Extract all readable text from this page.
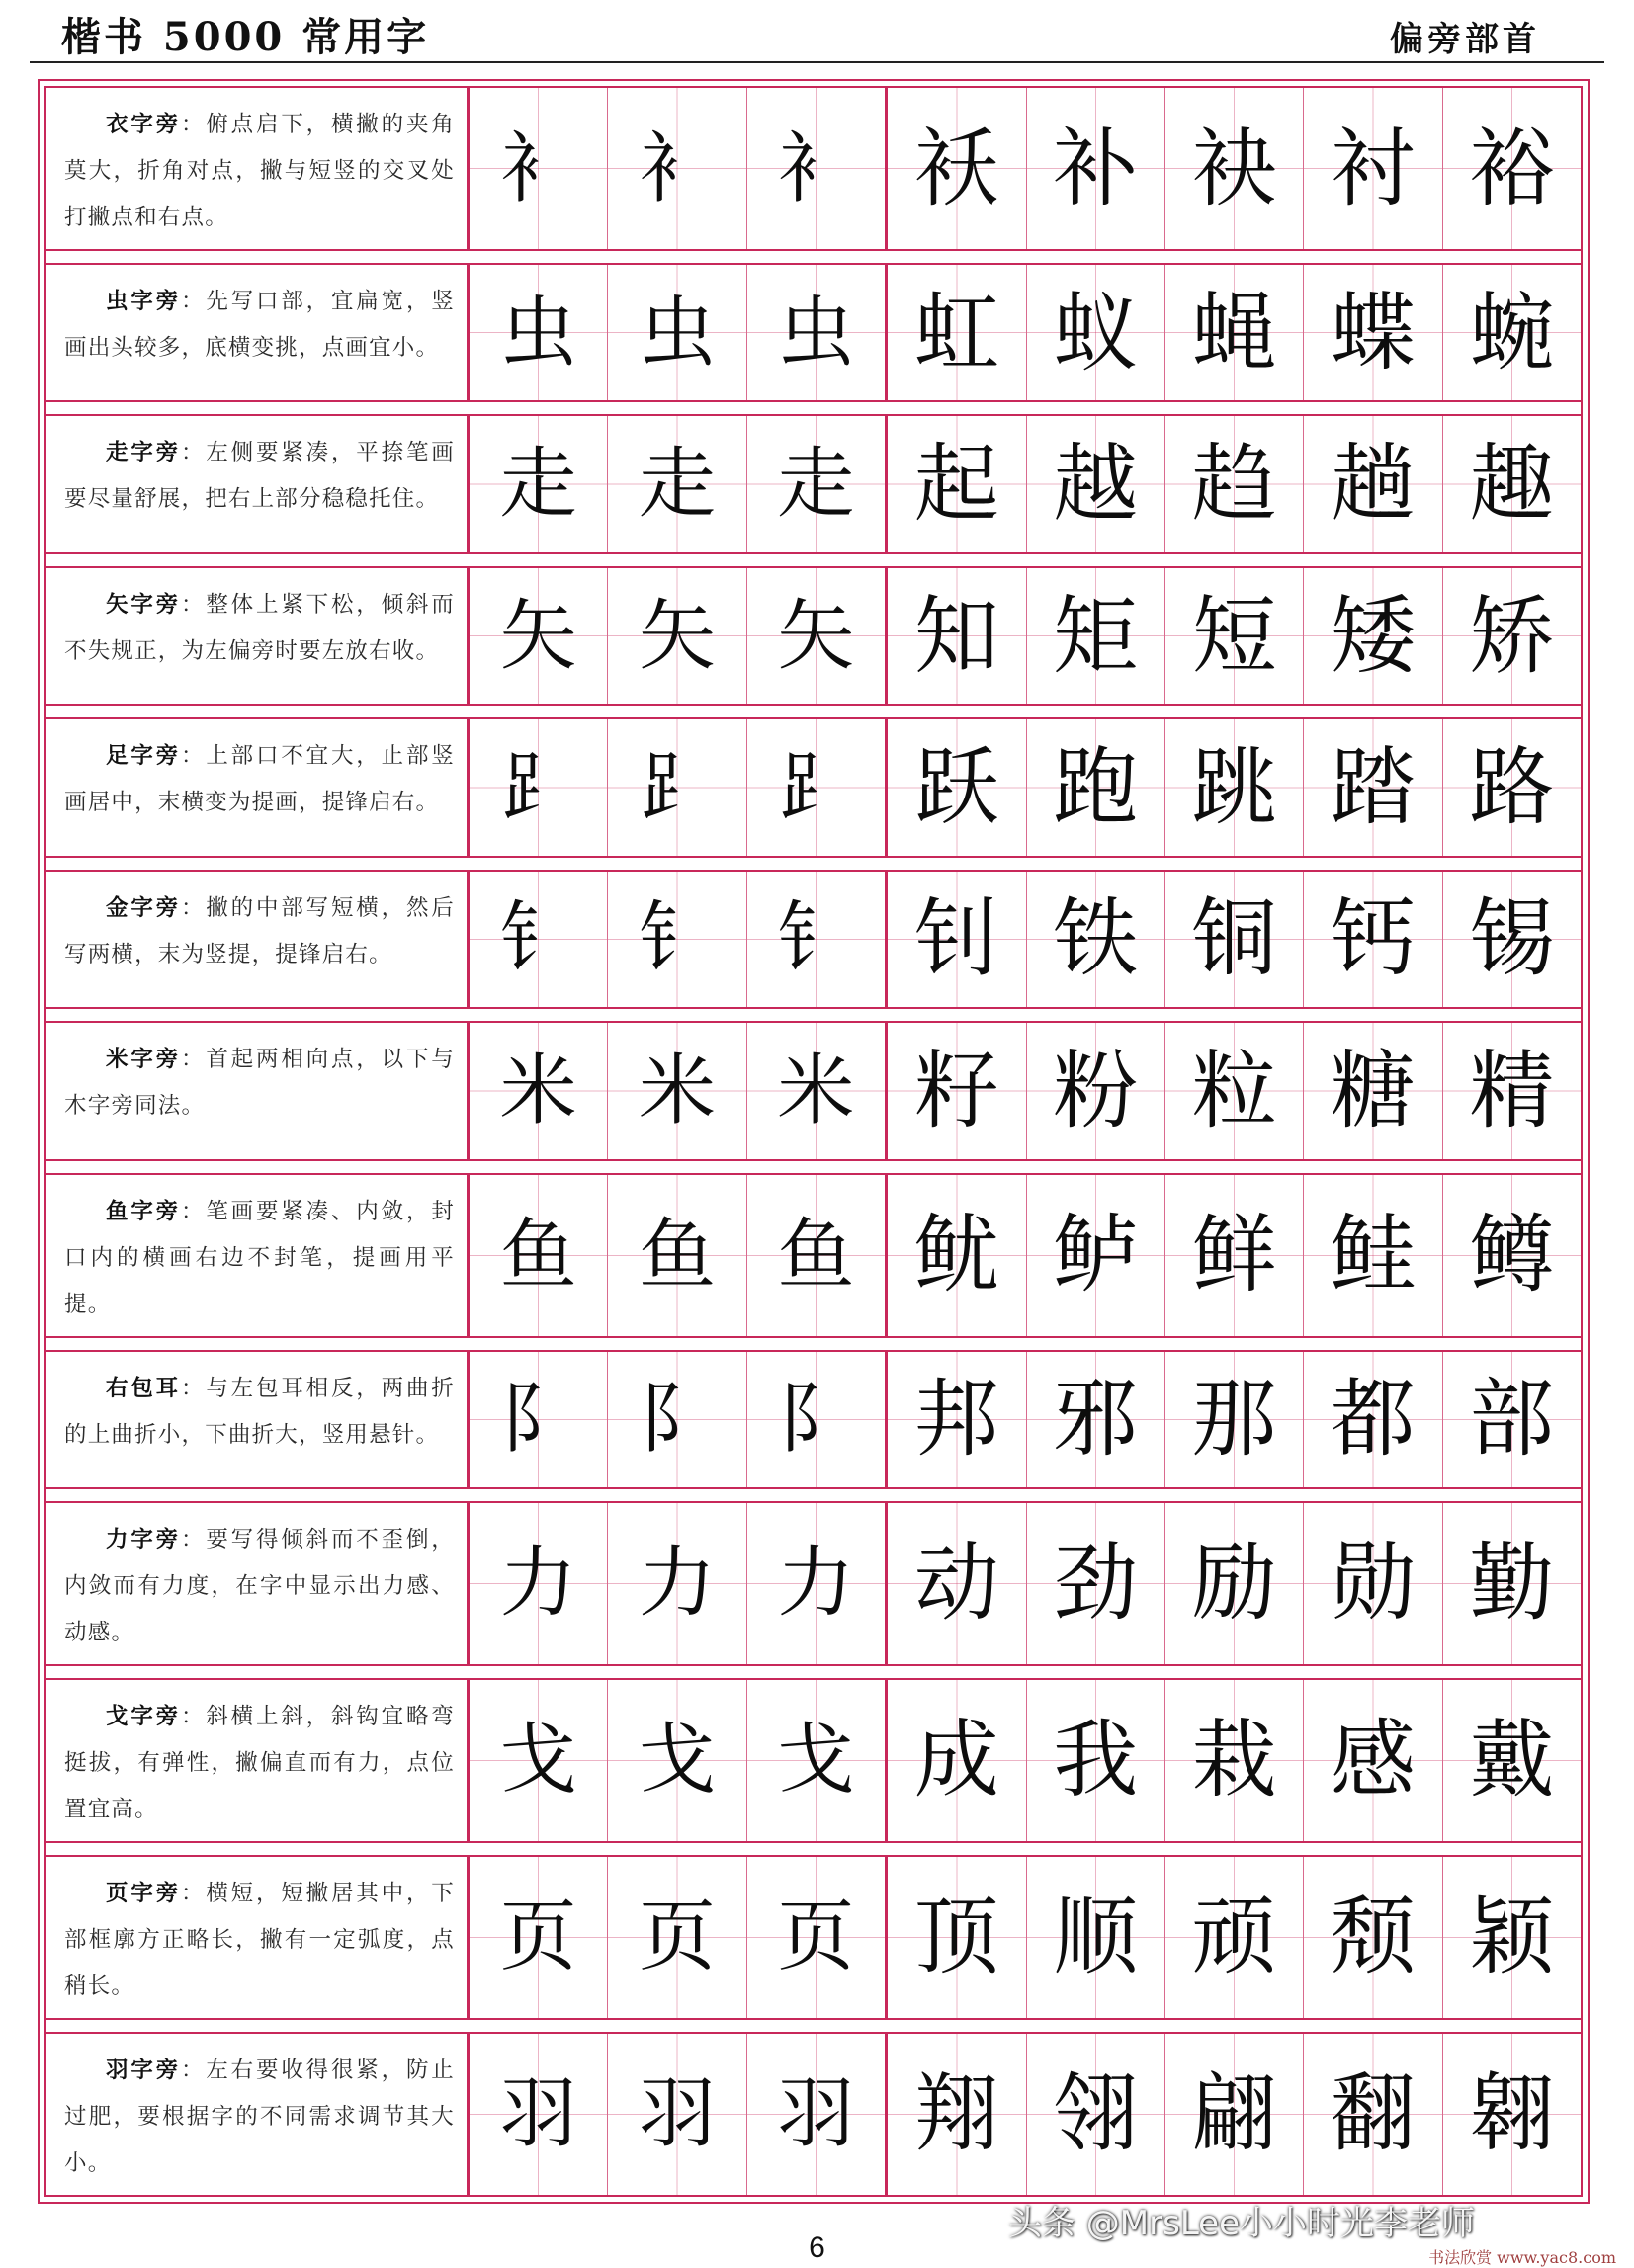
楷书 5000 常用字	偏旁部首
衣字旁：俯点启下，横撇的夹角莫大，折角对点，撇与短竖的交叉处打撇点和右点。
衤 衤 衤 袄 补 袂 衬 裕
虫字旁：先写口部，宜扁宽，竖画出头较多，底横变挑，点画宜小。 虫 虫 虫 虹 蚁 蝇 蝶 蜿
走字旁：左侧要紧凑，平捺笔画要尽量舒展，把右上部分稳稳托住。 走 走 走 起 越 趋 趟 趣
矢字旁：整体上紧下松，倾斜而不失规正，为左偏旁时要左放右收。 矢 矢 矢 知 矩 短 矮 矫
足字旁：上部口不宜大，止部竖画居中，末横变为提画，提锋启右。 ⻊ ⻊ ⻊ 跃 跑 跳 踏 路
金字旁：撇的中部写短横，然后写两横，末为竖提，提锋启右。	钅 钅 钅 钊 铁 铜 钙 锡
米字旁：首起两相向点，以下与木字旁同法。	米 米 米 籽 粉 粒 糖 精
鱼字旁：笔画要紧凑、内敛，封口内的横画右边不封笔，提画用平提。
鱼 鱼 鱼 鱿 鲈 鲜 鲑 鳟
右包耳：与左包耳相反，两曲折的上曲折小，下曲折大，竖用悬针。 阝 阝 阝 邦 邪 那 都 部
力字旁：要写得倾斜而不歪倒，内敛而有力度，在字中显示出力感、动感。
力 力 力 动 劲 励 勋 勤
戈字旁：斜横上斜，斜钩宜略弯挺拔，有弹性，撇偏直而有力，点位置宜高。
戈 戈 戈 成 我 栽 感 戴
页字旁：横短，短撇居其中，下部框廓方正略长，撇有一定弧度，点稍长。
页 页 页 顶 顺 顽 颓 颖
羽字旁：左右要收得很紧，防止过肥，要根据字的不同需求调节其大小。
羽 羽 羽 翔 翎 翩 翻 翱
头条 @MrsLee小小时光李老师
6	书法欣赏 www.yac8.com
